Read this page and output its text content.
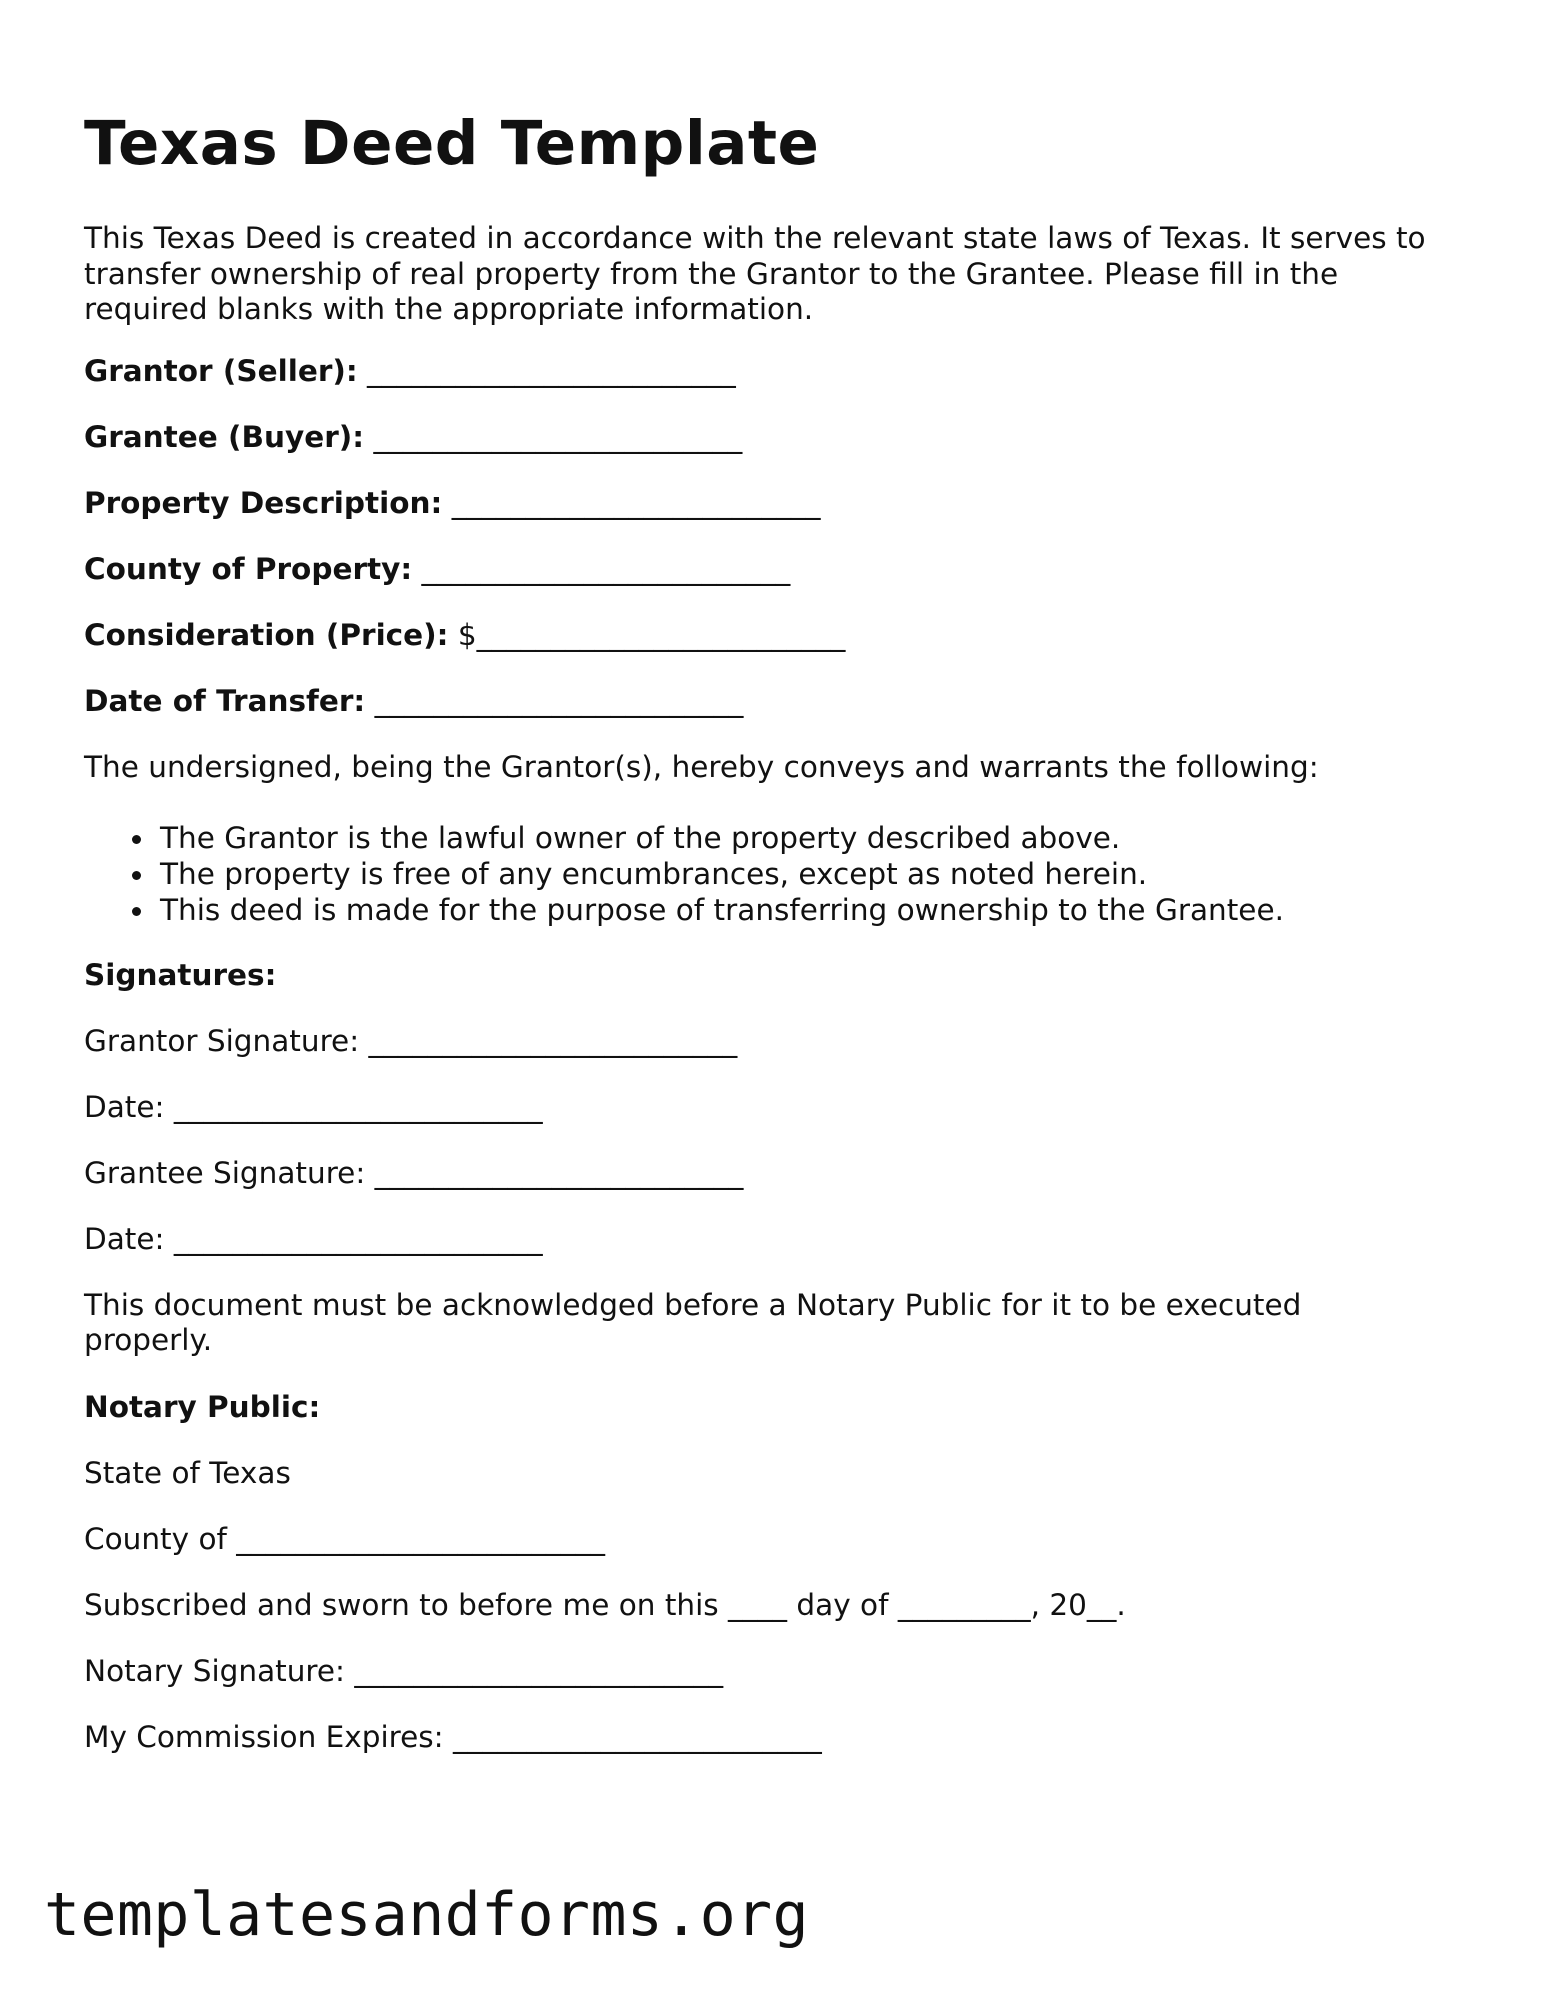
Texas Deed Template

This Texas Deed is created in accordance with the relevant state laws of Texas. It serves to
transfer ownership of real property from the Grantor to the Grantee. Please fill in the
required blanks with the appropriate information.

Grantor (Seller): _________________________

Grantee (Buyer): _________________________

Property Description: _________________________

County of Property: _________________________

Consideration (Price): $_________________________

Date of Transfer: _________________________

The undersigned, being the Grantor(s), hereby conveys and warrants the following:

The Grantor is the lawful owner of the property described above.
The property is free of any encumbrances, except as noted herein.
This deed is made for the purpose of transferring ownership to the Grantee.

Signatures:

Grantor Signature: _________________________

Date: _________________________

Grantee Signature: _________________________

Date: _________________________

This document must be acknowledged before a Notary Public for it to be executed
properly.

Notary Public:

State of Texas

County of _________________________

Subscribed and sworn to before me on this ____ day of _________, 20__.

Notary Signature: _________________________

My Commission Expires: _________________________

templatesandforms.org
